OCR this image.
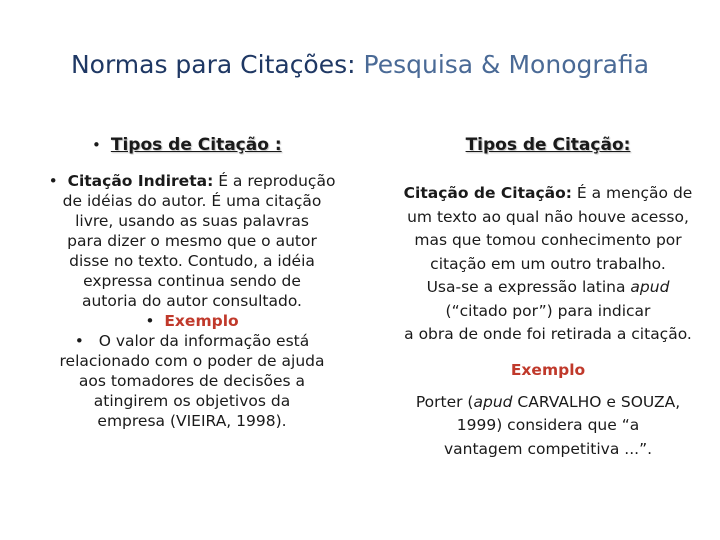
Normas para Citações: Pesquisa & Monografia
• Tipos de Citação :
• Citação Indireta: É a reprodução
de idéias do autor. É uma citação
livre, usando as suas palavras
para dizer o mesmo que o autor
disse no texto. Contudo, a idéia
expressa continua sendo de
autoria do autor consultado.
• Exemplo
• O valor da informação está
relacionado com o poder de ajuda
aos tomadores de decisões a
atingirem os objetivos da
empresa (VIEIRA, 1998).
Tipos de Citação:
Citação de Citação: É a menção de
um texto ao qual não houve acesso,
mas que tomou conhecimento por
citação em um outro trabalho.
Usa-se a expressão latina apud
(“citado por”) para indicar
a obra de onde foi retirada a citação.
Exemplo
Porter (apud CARVALHO e SOUZA,
1999) considera que “a
vantagem competitiva ...”.
